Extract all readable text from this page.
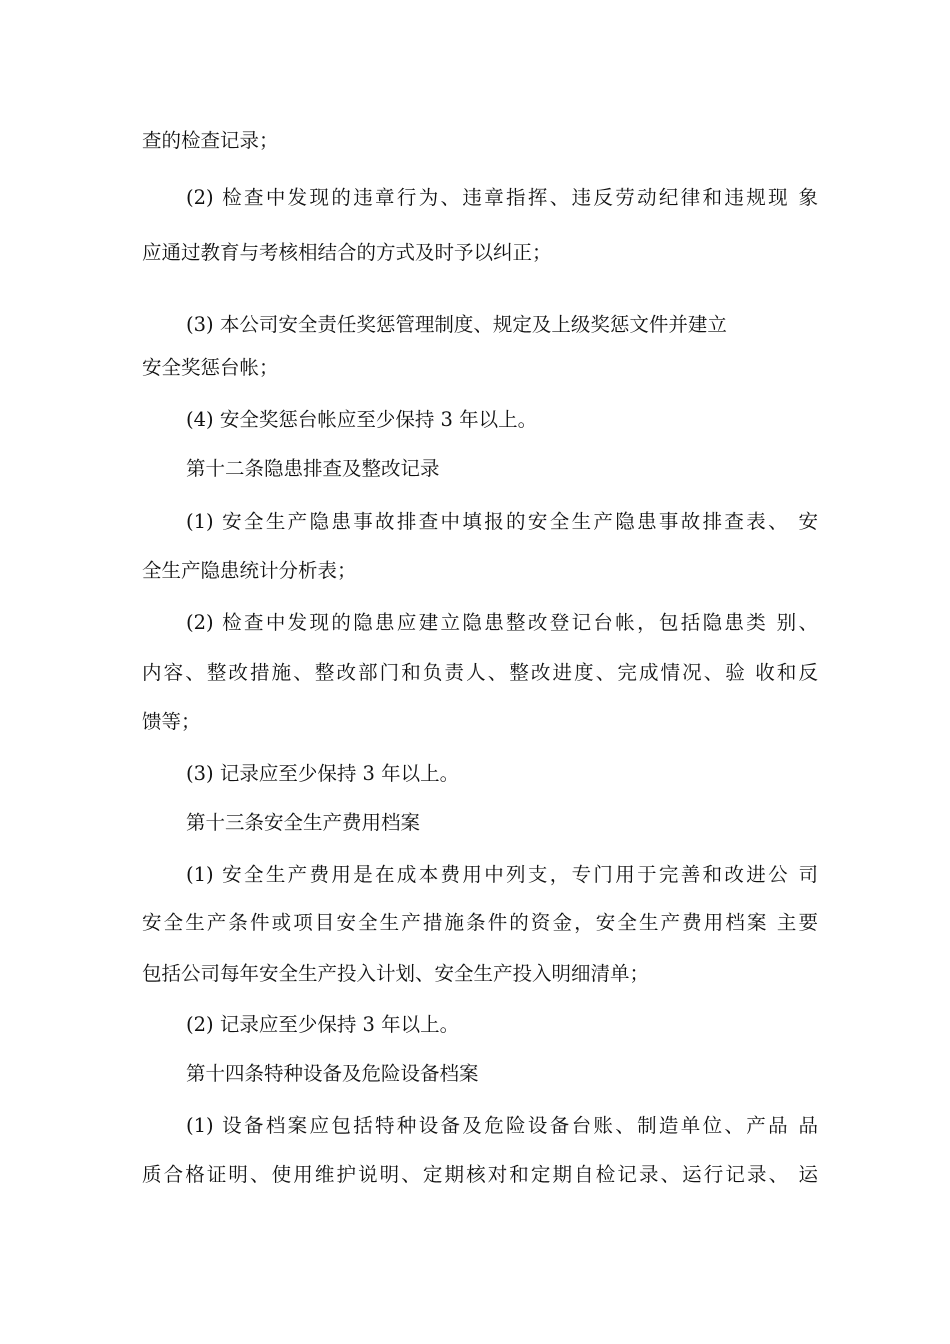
查的检查记录；
(2) 检查中发现的违章行为、违章指挥、违反劳动纪律和违规现 象
应通过教育与考核相结合的方式及时予以纠正；
(3) 本公司安全责任奖惩管理制度、规定及上级奖惩文件并建立
安全奖惩台帐；
(4) 安全奖惩台帐应至少保持 3 年以上。
第十二条隐患排查及整改记录
(1) 安全生产隐患事故排查中填报的安全生产隐患事故排查表、 安
全生产隐患统计分析表；
(2) 检查中发现的隐患应建立隐患整改登记台帐，包括隐患类 别、
内容、整改措施、整改部门和负责人、整改进度、完成情况、验 收和反
馈等；
(3) 记录应至少保持 3 年以上。
第十三条安全生产费用档案
(1) 安全生产费用是在成本费用中列支，专门用于完善和改进公 司
安全生产条件或项目安全生产措施条件的资金，安全生产费用档案 主要
包括公司每年安全生产投入计划、安全生产投入明细清单；
(2) 记录应至少保持 3 年以上。
第十四条特种设备及危险设备档案
(1) 设备档案应包括特种设备及危险设备台账、制造单位、产品 品
质合格证明、使用维护说明、定期核对和定期自检记录、运行记录、 运
